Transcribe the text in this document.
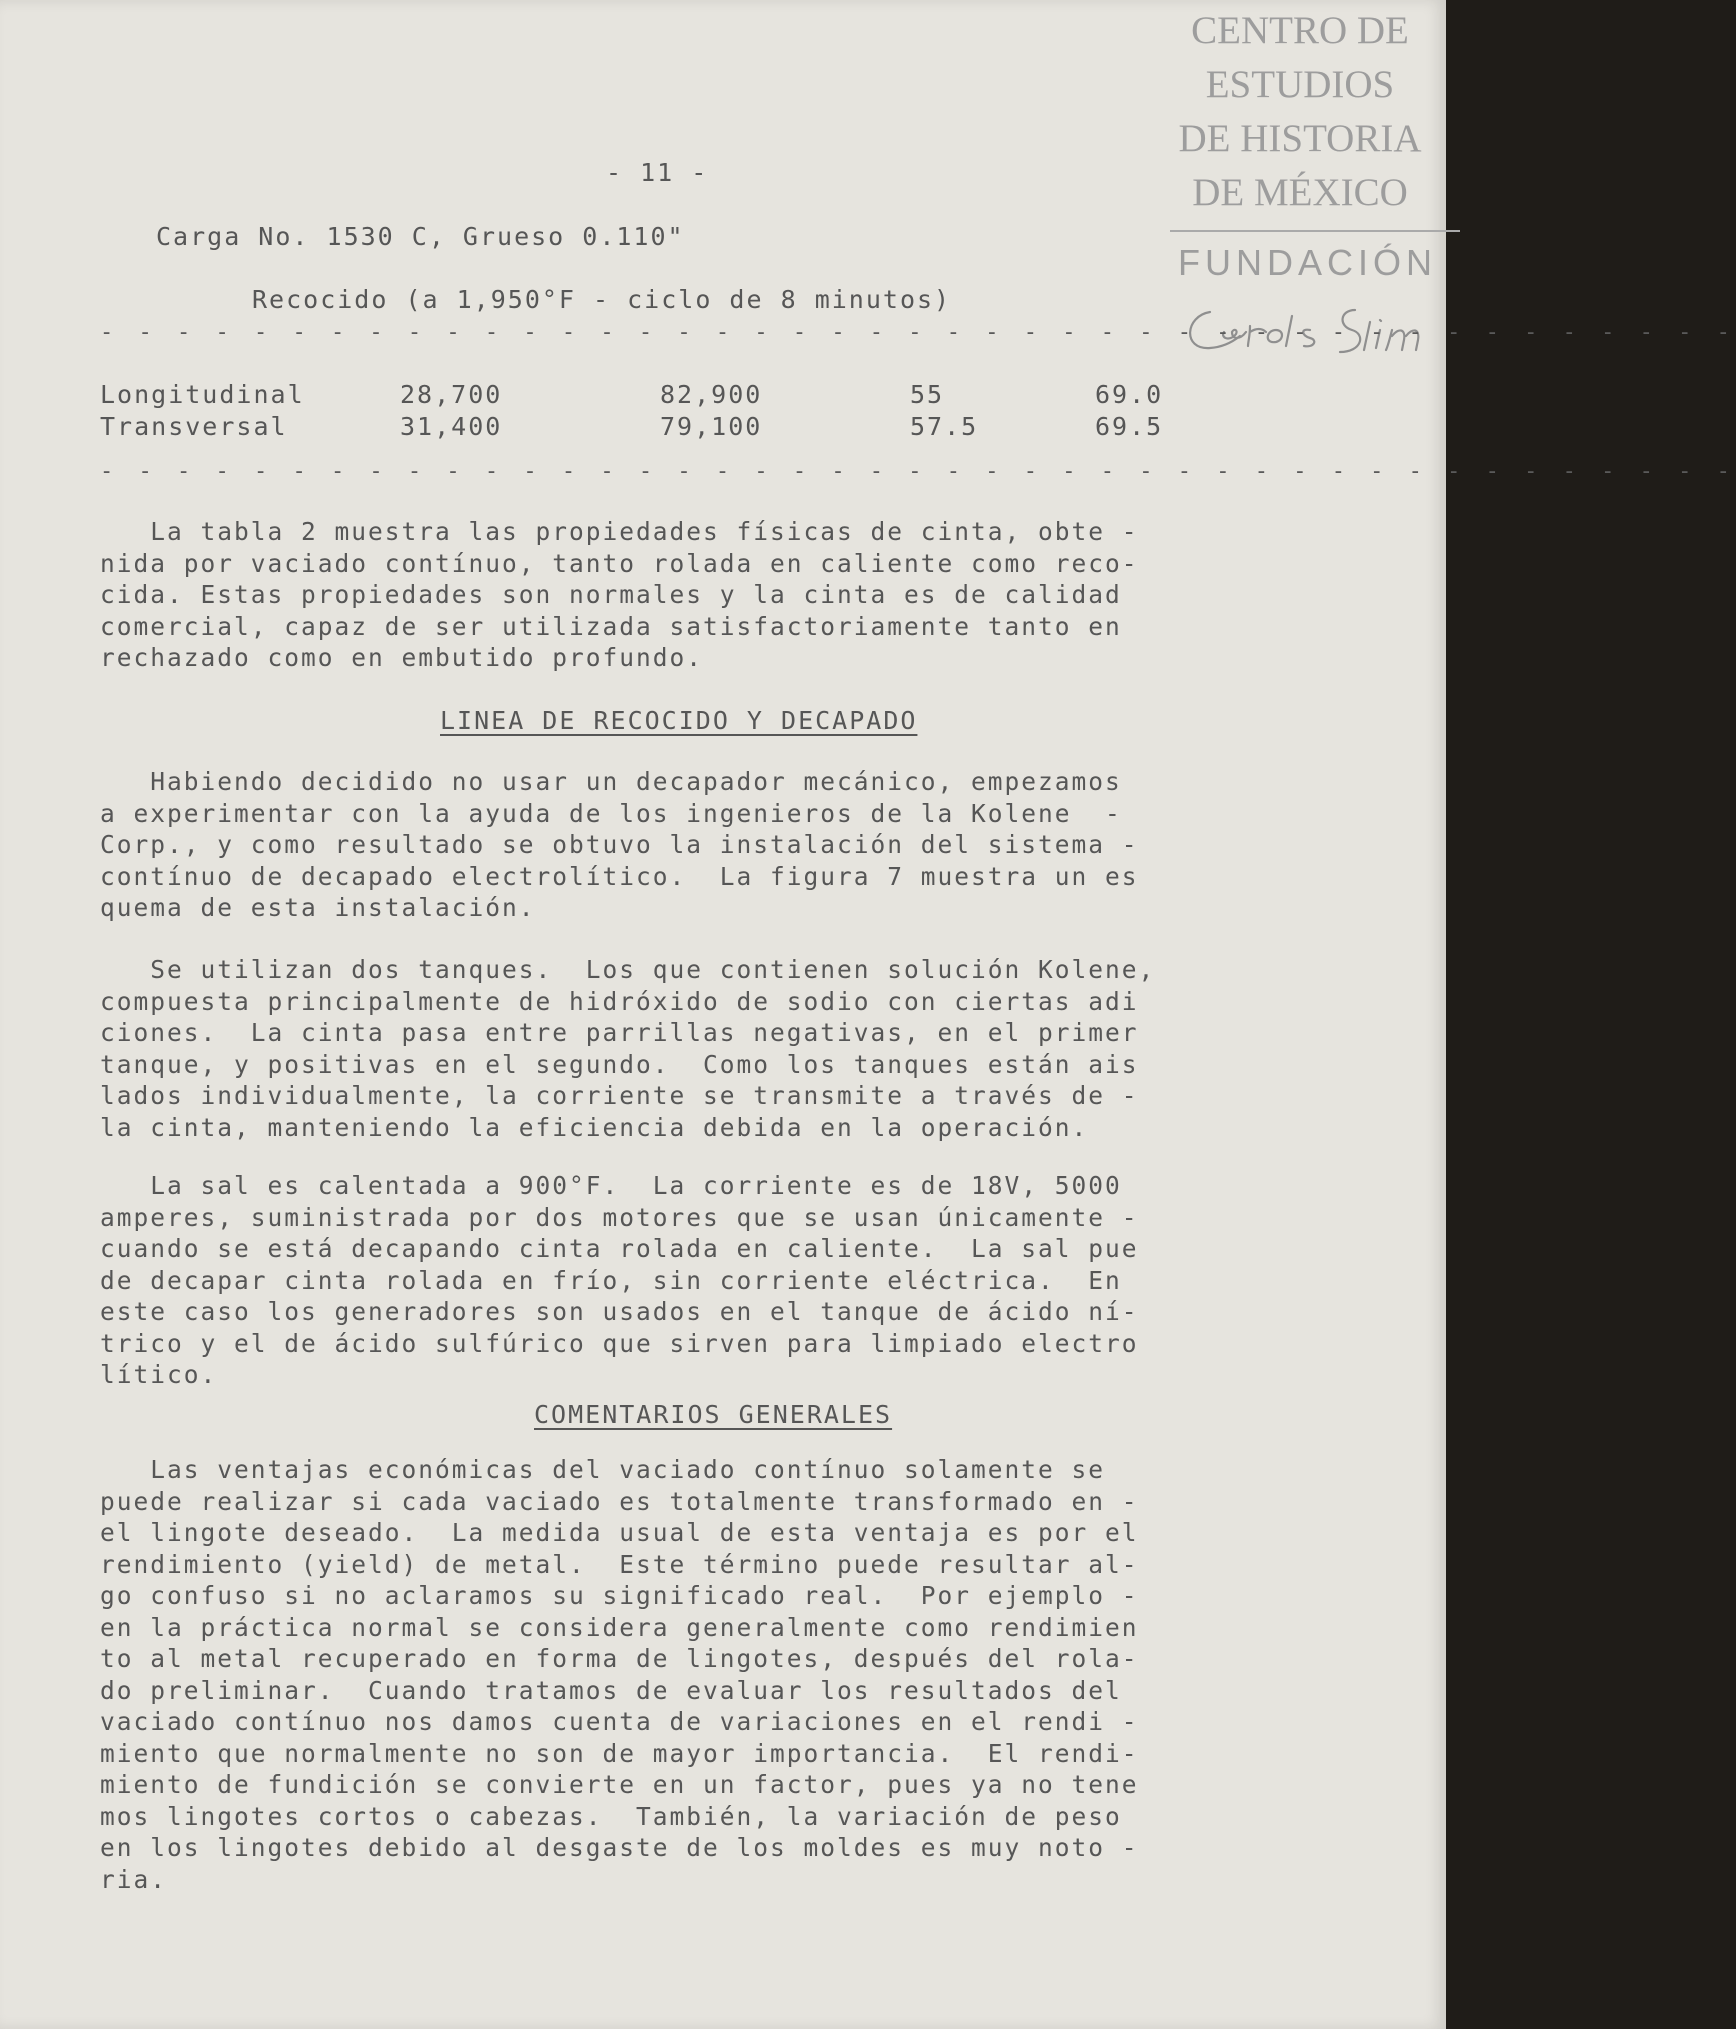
CENTRO DE
ESTUDIOS
DE HISTORIA
DE MÉXICO
FUNDACIÓN
- 11 -
Carga No. 1530 C, Grueso 0.110"
Recocido (a 1,950°F - ciclo de 8 minutos)
- - - - - - - - - - - - - - - - - - - - - - - - - - - - - - - - - - - - - - - - - - -
Longitudinal	28,700	82,900	55	69.0
Transversal	31,400	79,100	57.5	69.5
- - - - - - - - - - - - - - - - - - - - - - - - - - - - - - - - - - - - - - - - - - -

La tabla 2 muestra las propiedades físicas de cinta, obte -
nida por vaciado contínuo, tanto rolada en caliente como reco-
cida. Estas propiedades son normales y la cinta es de calidad
comercial, capaz de ser utilizada satisfactoriamente tanto en
rechazado como en embutido profundo.

LINEA DE RECOCIDO Y DECAPADO

Habiendo decidido no usar un decapador mecánico, empezamos
a experimentar con la ayuda de los ingenieros de la Kolene  -
Corp., y como resultado se obtuvo la instalación del sistema -
contínuo de decapado electrolítico.  La figura 7 muestra un es
quema de esta instalación.

Se utilizan dos tanques.  Los que contienen solución Kolene,
compuesta principalmente de hidróxido de sodio con ciertas adi
ciones.  La cinta pasa entre parrillas negativas, en el primer
tanque, y positivas en el segundo.  Como los tanques están ais
lados individualmente, la corriente se transmite a través de -
la cinta, manteniendo la eficiencia debida en la operación.

La sal es calentada a 900°F.  La corriente es de 18V, 5000
amperes, suministrada por dos motores que se usan únicamente -
cuando se está decapando cinta rolada en caliente.  La sal pue
de decapar cinta rolada en frío, sin corriente eléctrica.  En
este caso los generadores son usados en el tanque de ácido ní-
trico y el de ácido sulfúrico que sirven para limpiado electro
lítico.

COMENTARIOS GENERALES

Las ventajas económicas del vaciado contínuo solamente se
puede realizar si cada vaciado es totalmente transformado en -
el lingote deseado.  La medida usual de esta ventaja es por el
rendimiento (yield) de metal.  Este término puede resultar al-
go confuso si no aclaramos su significado real.  Por ejemplo -
en la práctica normal se considera generalmente como rendimien
to al metal recuperado en forma de lingotes, después del rola-
do preliminar.  Cuando tratamos de evaluar los resultados del
vaciado contínuo nos damos cuenta de variaciones en el rendi -
miento que normalmente no son de mayor importancia.  El rendi-
miento de fundición se convierte en un factor, pues ya no tene
mos lingotes cortos o cabezas.  También, la variación de peso
en los lingotes debido al desgaste de los moldes es muy noto -
ria.
